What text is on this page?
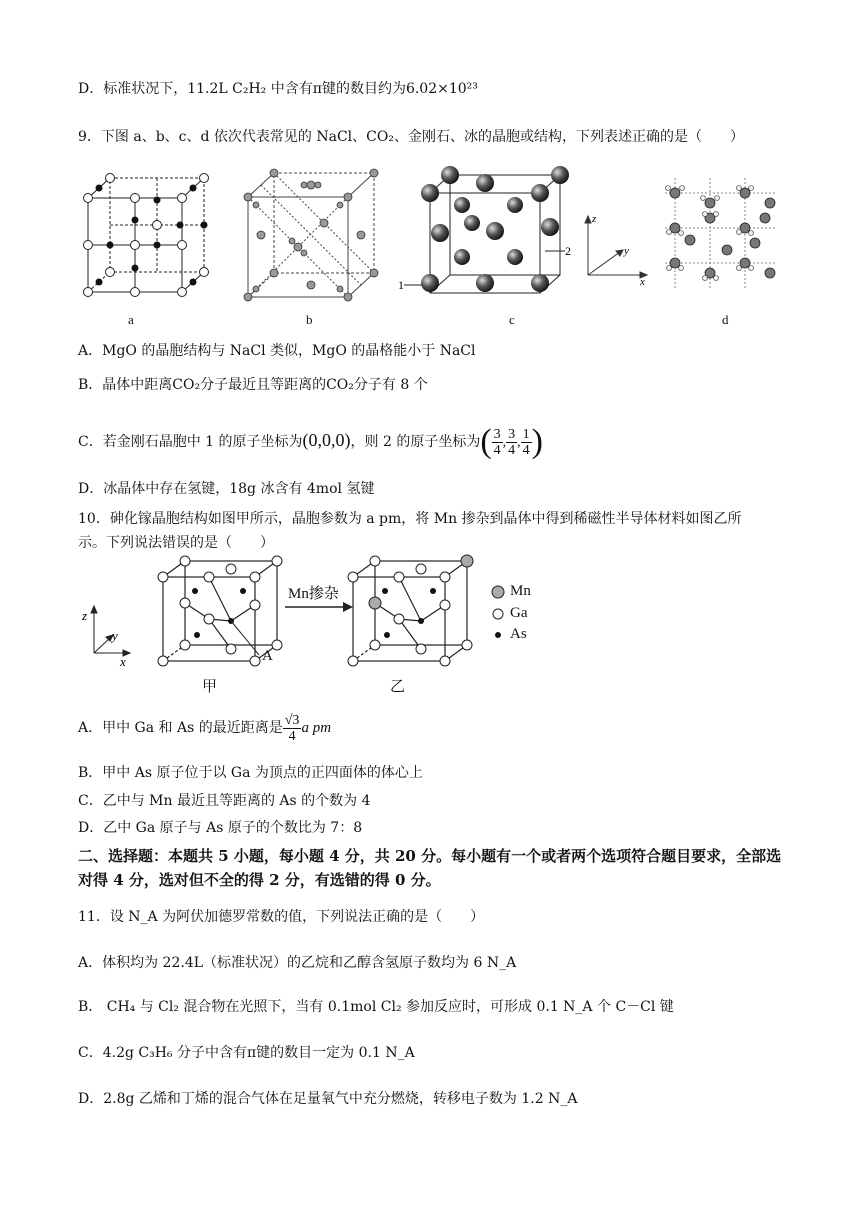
D．标准状况下，11.2L C₂H₂ 中含有π键的数目约为6.02×10²³
9．下图 a、b、c、d 依次代表常见的 NaCl、CO₂、金刚石、冰的晶胞或结构，下列表述正确的是（　　）
a	b
1
2
c
z
y
x
d
A．MgO 的晶胞结构与 NaCl 类似，MgO 的晶格能小于 NaCl
B．晶体中距离CO₂分子最近且等距离的CO₂分子有 8 个
C．若金刚石晶胞中 1 的原子坐标为(0,0,0)，则 2 的原子坐标为( $\frac{3}{4}$ , $\frac{3}{4}$ , $\frac{1}{4}$ )
D．冰晶体中存在氢键，18g 冰含有 4mol 氢键
10．砷化镓晶胞结构如图甲所示，晶胞参数为 a pm，将 Mn 掺杂到晶体中得到稀磁性半导体材料如图乙所
示。下列说法错误的是（　　）
z
y
x	A
甲
Mn掺杂
乙
Mn
Ga
As
A．甲中 Ga 和 As 的最近距离是 $\frac{√3}{4}$ a pm
B．甲中 As 原子位于以 Ga 为顶点的正四面体的体心上
C．乙中与 Mn 最近且等距离的 As 的个数为 4
D．乙中 Ga 原子与 As 原子的个数比为 7：8
二、选择题：本题共 5 小题，每小题 4 分，共 20 分。每小题有一个或者两个选项符合题目要求，全部选对得 4 分，选对但不全的得 2 分，有选错的得 0 分。
11．设 N_A 为阿伏加德罗常数的值，下列说法正确的是（　　）
A．体积均为 22.4L（标准状况）的乙烷和乙醇含氢原子数均为 6 N_A
B． CH₄ 与 Cl₂ 混合物在光照下，当有 0.1mol Cl₂ 参加反应时，可形成 0.1 N_A 个 C－Cl 键
C．4.2g C₃H₆ 分子中含有π键的数目一定为 0.1 N_A
D．2.8g 乙烯和丁烯的混合气体在足量氧气中充分燃烧，转移电子数为 1.2 N_A
